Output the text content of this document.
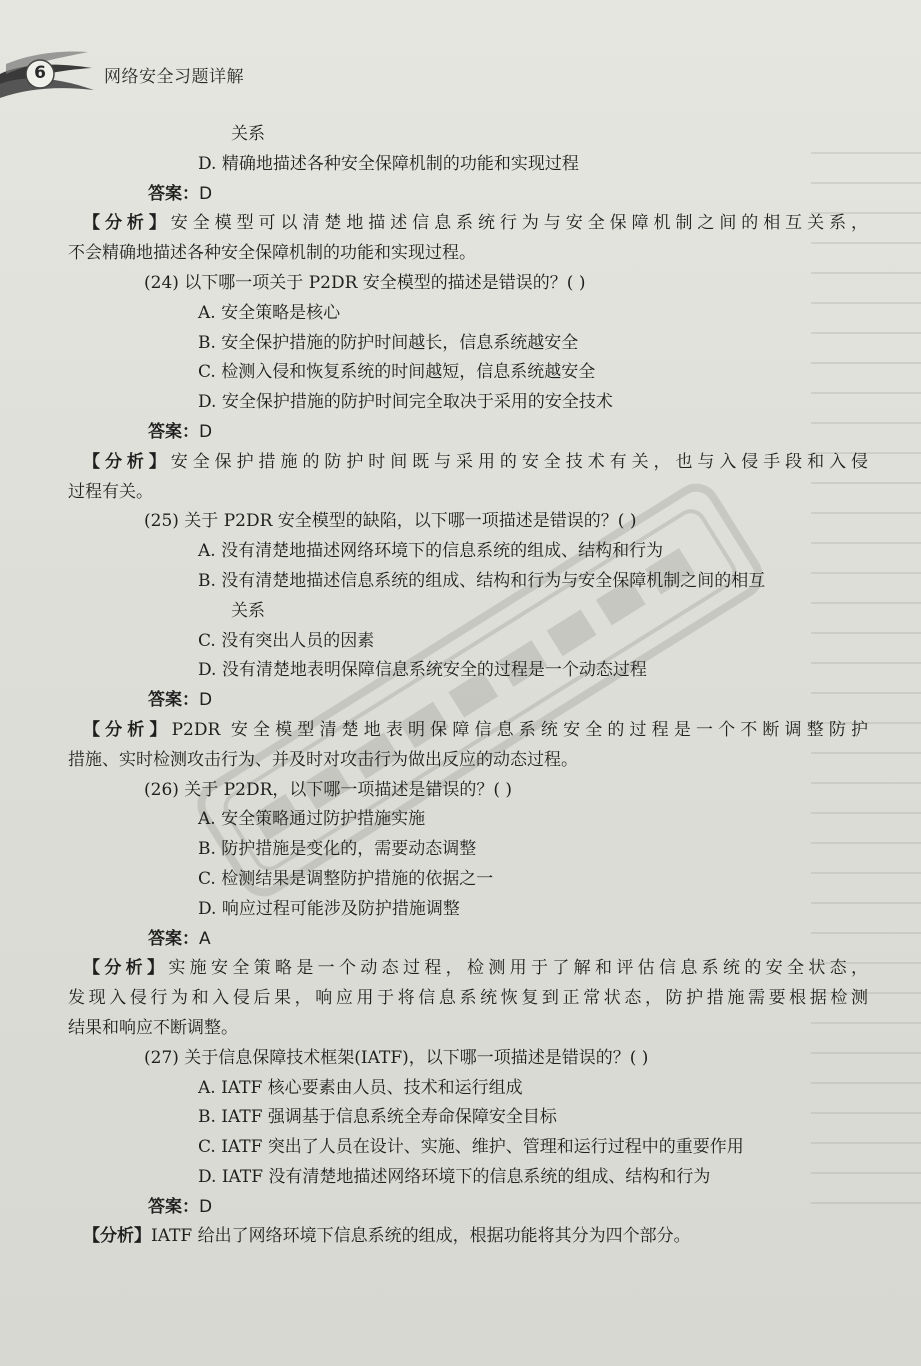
6	网络安全习题详解
关系
D. 精确地描述各种安全保障机制的功能和实现过程
答案：D
【分析】安全模型可以清楚地描述信息系统行为与安全保障机制之间的相互关系，
不会精确地描述各种安全保障机制的功能和实现过程。
(24) 以下哪一项关于 P2DR 安全模型的描述是错误的？( )
A. 安全策略是核心
B. 安全保护措施的防护时间越长，信息系统越安全
C. 检测入侵和恢复系统的时间越短，信息系统越安全
D. 安全保护措施的防护时间完全取决于采用的安全技术
答案：D
【分析】安全保护措施的防护时间既与采用的安全技术有关，也与入侵手段和入侵
过程有关。
(25) 关于 P2DR 安全模型的缺陷，以下哪一项描述是错误的？( )
A. 没有清楚地描述网络环境下的信息系统的组成、结构和行为
B. 没有清楚地描述信息系统的组成、结构和行为与安全保障机制之间的相互
关系
C. 没有突出人员的因素
D. 没有清楚地表明保障信息系统安全的过程是一个动态过程
答案：D
【分析】P2DR 安全模型清楚地表明保障信息系统安全的过程是一个不断调整防护
措施、实时检测攻击行为、并及时对攻击行为做出反应的动态过程。
(26) 关于 P2DR，以下哪一项描述是错误的？( )
A. 安全策略通过防护措施实施
B. 防护措施是变化的，需要动态调整
C. 检测结果是调整防护措施的依据之一
D. 响应过程可能涉及防护措施调整
答案：A
【分析】实施安全策略是一个动态过程，检测用于了解和评估信息系统的安全状态，
发现入侵行为和入侵后果，响应用于将信息系统恢复到正常状态，防护措施需要根据检测
结果和响应不断调整。
(27) 关于信息保障技术框架(IATF)，以下哪一项描述是错误的？( )
A. IATF 核心要素由人员、技术和运行组成
B. IATF 强调基于信息系统全寿命保障安全目标
C. IATF 突出了人员在设计、实施、维护、管理和运行过程中的重要作用
D. IATF 没有清楚地描述网络环境下的信息系统的组成、结构和行为
答案：D
【分析】IATF 给出了网络环境下信息系统的组成，根据功能将其分为四个部分。
